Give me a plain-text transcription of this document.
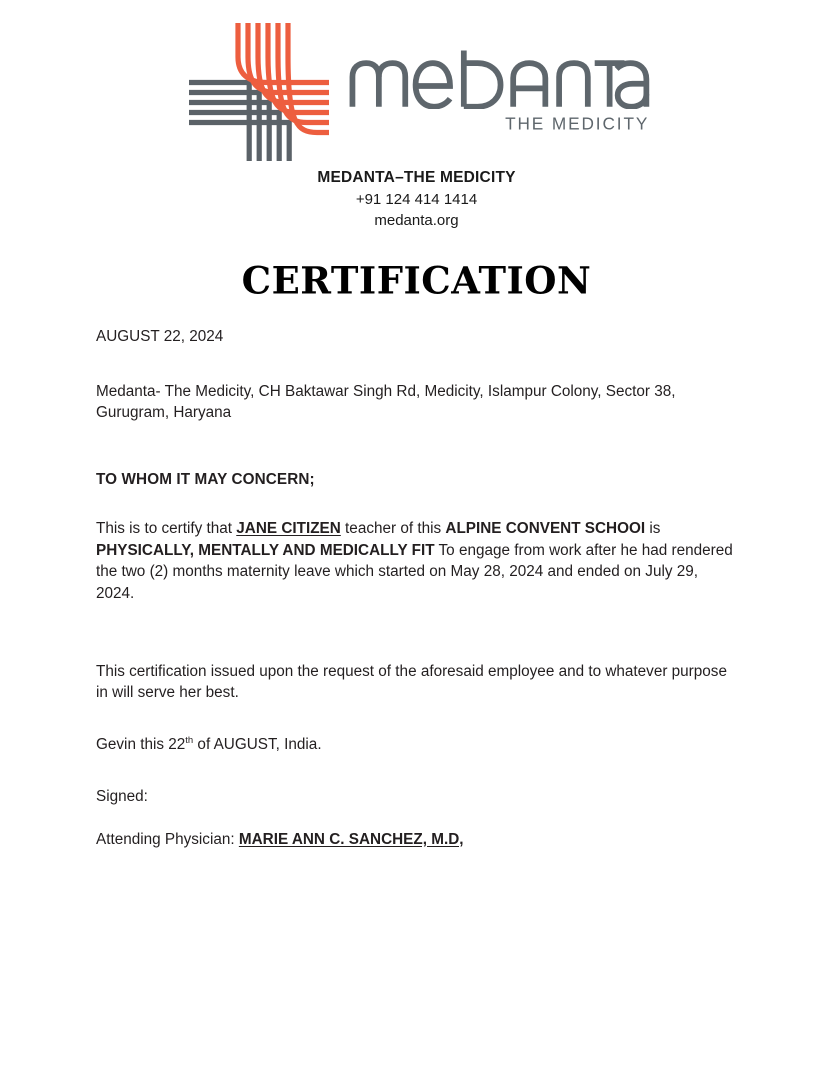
THE MEDICITY
MEDANTA–THE MEDICITY
+91 124 414 1414
medanta.org
CERTIFICATION

AUGUST 22, 2024

Medanta- The Medicity, CH Baktawar Singh Rd, Medicity, Islampur Colony, Sector 38, Gurugram, Haryana

TO WHOM IT MAY CONCERN;

This is to certify that JANE CITIZEN teacher of this ALPINE CONVENT SCHOOI is PHYSICALLY, MENTALLY AND MEDICALLY FIT To engage from work after he had rendered the two (2) months maternity leave which started on May 28, 2024 and ended on July 29, 2024.

This certification issued upon the request of the aforesaid employee and to whatever purpose in will serve her best.

Gevin this 22th of AUGUST, India.

Signed:

Attending Physician: MARIE ANN C. SANCHEZ, M.D,
